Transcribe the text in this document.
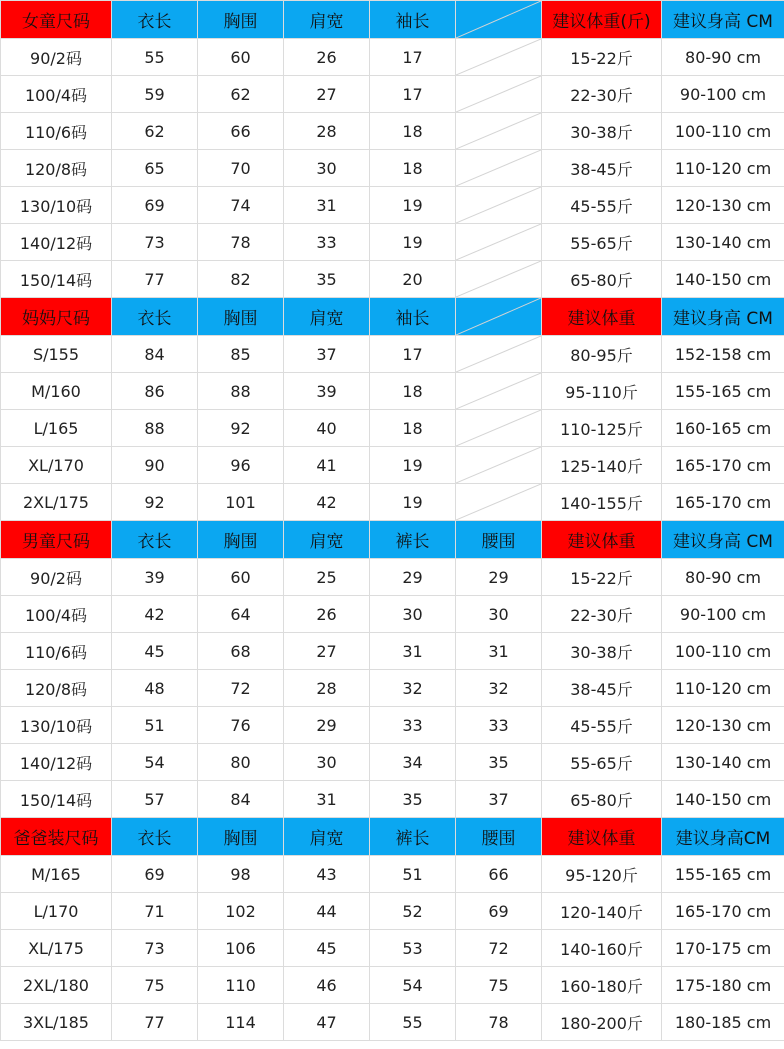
女童尺码	衣长	胸围	肩宽	袖长		建议体重(斤)	建议身高 CM
90/2码	55	60	26	17		15-22斤	80-90 cm
100/4码	59	62	27	17		22-30斤	90-100 cm
110/6码	62	66	28	18		30-38斤	100-110 cm
120/8码	65	70	30	18		38-45斤	110-120 cm
130/10码	69	74	31	19		45-55斤	120-130 cm
140/12码	73	78	33	19		55-65斤	130-140 cm
150/14码	77	82	35	20		65-80斤	140-150 cm
妈妈尺码	衣长	胸围	肩宽	袖长		建议体重	建议身高 CM
S/155	84	85	37	17		80-95斤	152-158 cm
M/160	86	88	39	18		95-110斤	155-165 cm
L/165	88	92	40	18		110-125斤	160-165 cm
XL/170	90	96	41	19		125-140斤	165-170 cm
2XL/175	92	101	42	19		140-155斤	165-170 cm
男童尺码	衣长	胸围	肩宽	裤长	腰围	建议体重	建议身高 CM
90/2码	39	60	25	29	29	15-22斤	80-90 cm
100/4码	42	64	26	30	30	22-30斤	90-100 cm
110/6码	45	68	27	31	31	30-38斤	100-110 cm
120/8码	48	72	28	32	32	38-45斤	110-120 cm
130/10码	51	76	29	33	33	45-55斤	120-130 cm
140/12码	54	80	30	34	35	55-65斤	130-140 cm
150/14码	57	84	31	35	37	65-80斤	140-150 cm
爸爸装尺码	衣长	胸围	肩宽	裤长	腰围	建议体重	建议身高CM
M/165	69	98	43	51	66	95-120斤	155-165 cm
L/170	71	102	44	52	69	120-140斤	165-170 cm
XL/175	73	106	45	53	72	140-160斤	170-175 cm
2XL/180	75	110	46	54	75	160-180斤	175-180 cm
3XL/185	77	114	47	55	78	180-200斤	180-185 cm
